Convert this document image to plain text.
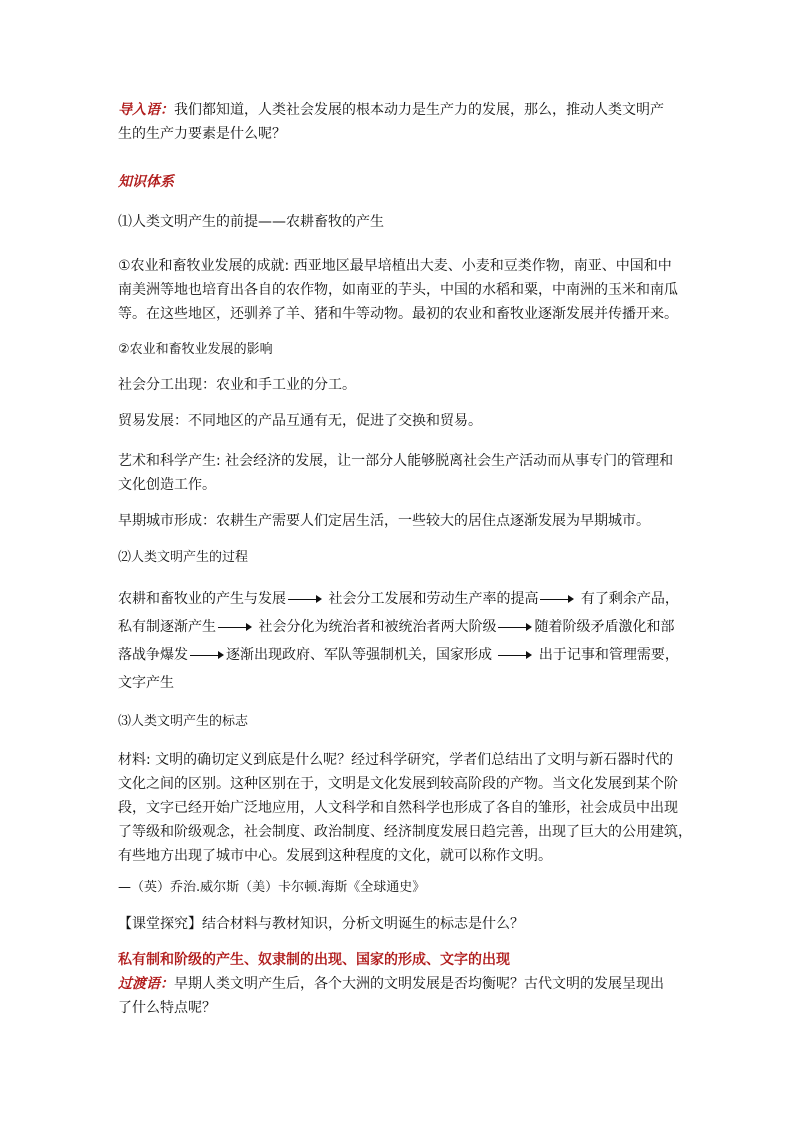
导入语：我们都知道，人类社会发展的根本动力是生产力的发展，那么，推动人类文明产
生的生产力要素是什么呢？
知识体系
⑴人类文明产生的前提——农耕畜牧的产生
①农业和畜牧业发展的成就: 西亚地区最早培植出大麦、小麦和豆类作物，南亚、中国和中
南美洲等地也培育出各自的农作物，如南亚的芋头，中国的水稻和粟，中南洲的玉米和南瓜
等。在这些地区，还驯养了羊、猪和牛等动物。最初的农业和畜牧业逐渐发展并传播开来。
②农业和畜牧业发展的影响
社会分工出现：农业和手工业的分工。
贸易发展：不同地区的产品互通有无，促进了交换和贸易。
艺术和科学产生: 社会经济的发展，让一部分人能够脱离社会生产活动而从事专门的管理和
文化创造工作。
早期城市形成：农耕生产需要人们定居生活，一些较大的居住点逐渐发展为早期城市。
⑵人类文明产生的过程
农耕和畜牧业的产生与发展	社会分工发展和劳动生产率的提高	有了剩余产品，
私有制逐渐产生	社会分化为统治者和被统治者两大阶级	随着阶级矛盾激化和部
落战争爆发	逐渐出现政府、军队等强制机关，国家形成	出于记事和管理需要，
文字产生
⑶人类文明产生的标志
材料: 文明的确切定义到底是什么呢？经过科学研究，学者们总结出了文明与新石器时代的
文化之间的区别。这种区别在于，文明是文化发展到较高阶段的产物。当文化发展到某个阶
段，文字已经开始广泛地应用，人文科学和自然科学也形成了各自的雏形，社会成员中出现
了等级和阶级观念，社会制度、政治制度、经济制度发展日趋完善，出现了巨大的公用建筑，
有些地方出现了城市中心。发展到这种程度的文化，就可以称作文明。
—（英）乔治.威尔斯（美）卡尔顿.海斯《全球通史》
【课堂探究】结合材料与教材知识，分析文明诞生的标志是什么？
私有制和阶级的产生、奴隶制的出现、国家的形成、文字的出现
过渡语：早期人类文明产生后，各个大洲的文明发展是否均衡呢？古代文明的发展呈现出
了什么特点呢？
